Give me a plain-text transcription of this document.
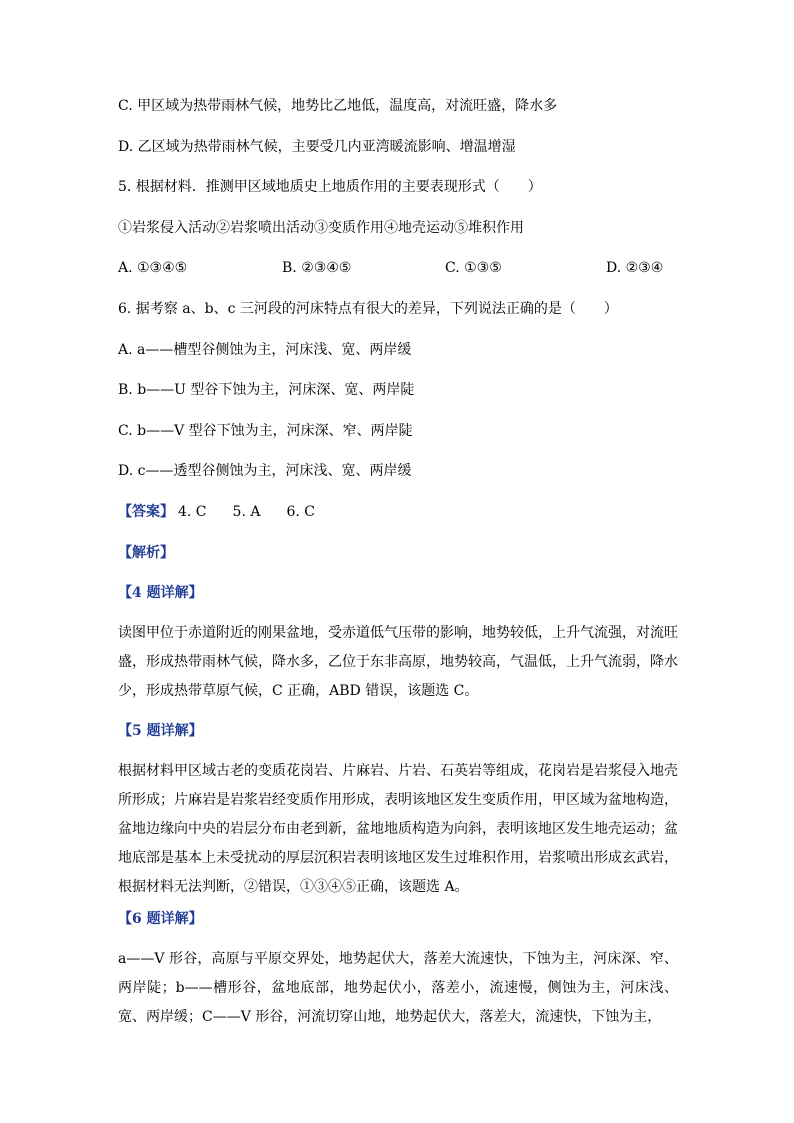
C. 甲区域为热带雨林气候，地势比乙地低，温度高，对流旺盛，降水多
D. 乙区域为热带雨林气候，主要受几内亚湾暖流影响、增温增湿
5. 根据材料．推测甲区域地质史上地质作用的主要表现形式（　　）
①岩浆侵入活动②岩浆喷出活动③变质作用④地壳运动⑤堆积作用
A. ①③④⑤	B. ②③④⑤	C. ①③⑤	D. ②③④
6. 据考察 a、b、c 三河段的河床特点有很大的差异，下列说法正确的是（　　）
A. a——槽型谷侧蚀为主，河床浅、宽、两岸缓
B. b——U 型谷下蚀为主，河床深、宽、两岸陡
C. b——V 型谷下蚀为主，河床深、窄、两岸陡
D. c——透型谷侧蚀为主，河床浅、宽、两岸缓
【答案】 4. C 5. A 6. C
【解析】
【4 题详解】
读图甲位于赤道附近的刚果盆地，受赤道低气压带的影响，地势较低，上升气流强，对流旺盛，形成热带雨林气候，降水多，乙位于东非高原，地势较高，气温低，上升气流弱，降水少，形成热带草原气候，C 正确，ABD 错误，该题选 C。
【5 题详解】
根据材料甲区域古老的变质花岗岩、片麻岩、片岩、石英岩等组成，花岗岩是岩浆侵入地壳所形成；片麻岩是岩浆岩经变质作用形成，表明该地区发生变质作用，甲区域为盆地构造，盆地边缘向中央的岩层分布由老到新，盆地地质构造为向斜，表明该地区发生地壳运动；盆地底部是基本上未受扰动的厚层沉积岩表明该地区发生过堆积作用，岩浆喷出形成玄武岩，根据材料无法判断，②错误，①③④⑤正确，该题选 A。
【6 题详解】
a——V 形谷，高原与平原交界处，地势起伏大，落差大流速快，下蚀为主，河床深、窄、两岸陡；b——槽形谷，盆地底部，地势起伏小，落差小，流速慢，侧蚀为主，河床浅、宽、两岸缓；C——V 形谷，河流切穿山地，地势起伏大，落差大，流速快，下蚀为主，
